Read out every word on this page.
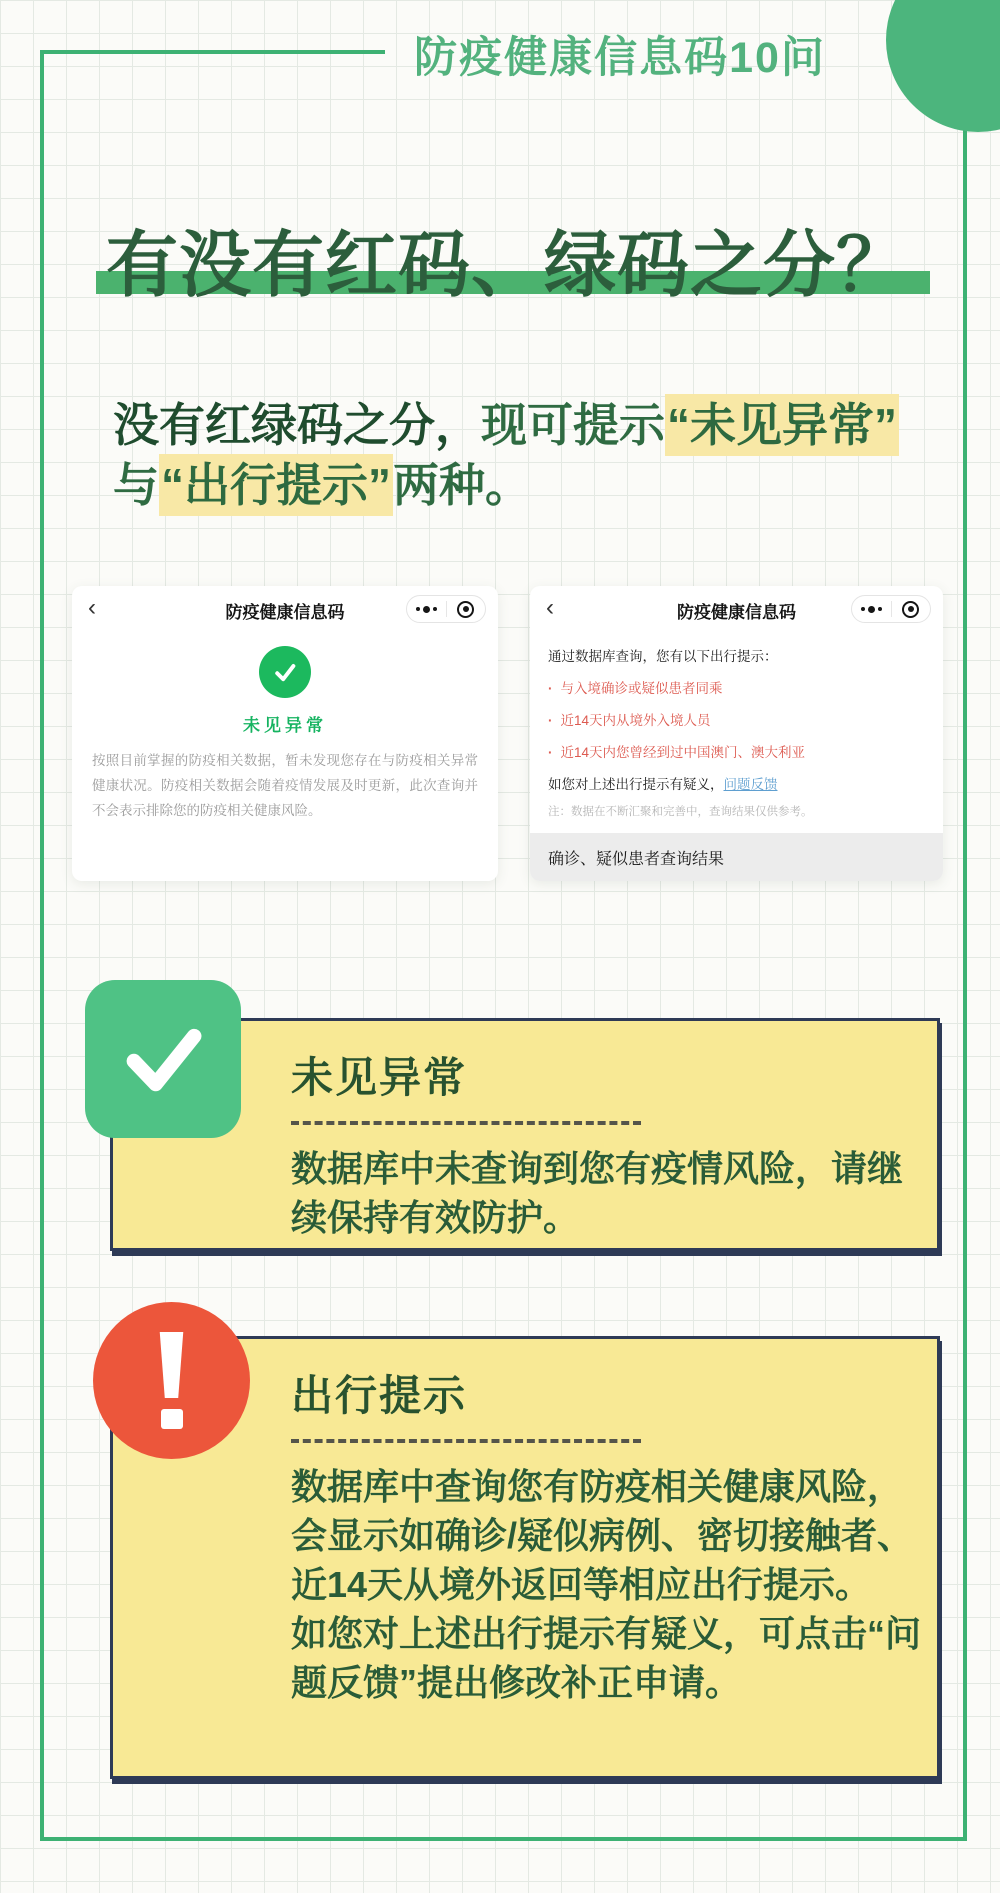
防疫健康信息码10问
有没有红码、绿码之分？
没有红绿码之分，现可提示“未见异常”
与“出行提示”两种。
‹	防疫健康信息码
未见异常
按照目前掌握的防疫相关数据，暂未发现您存在与防疫相关异常健康状况。防疫相关数据会随着疫情发展及时更新，此次查询并不会表示排除您的防疫相关健康风险。
‹	防疫健康信息码
通过数据库查询，您有以下出行提示：
· 与入境确诊或疑似患者同乘
· 近14天内从境外入境人员
· 近14天内您曾经到过中国澳门、澳大利亚
如您对上述出行提示有疑义，问题反馈
注：数据在不断汇聚和完善中，查询结果仅供参考。
确诊、疑似患者查询结果
未见异常
数据库中未查询到您有疫情风险，请继续保持有效防护。
出行提示
数据库中查询您有防疫相关健康风险，会显示如确诊/疑似病例、密切接触者、近14天从境外返回等相应出行提示。
如您对上述出行提示有疑义，可点击“问题反馈”提出修改补正申请。
